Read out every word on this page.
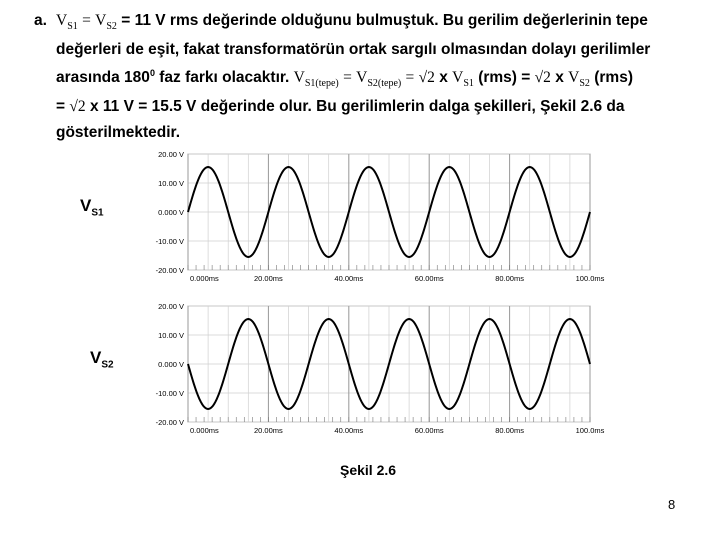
a. $V_{S1} = V_{S2} = 11$ V rms değerinde olduğunu bulmuştuk. Bu gerilim değerlerinin tepe
değerleri de eşit, fakat transformatörün ortak sargılı olmasından dolayı gerilimler
arasında $180^0$ faz farkı olacaktır. $V_{S1(tepe)} = V_{S2(tepe)} = √2$ x $V_{S1}$ (rms) = √2 x $V_{S2}$ (rms)
= √2 x 11 V = 15.5 V değerinde olur. Bu gerilimlerin dalga şekilleri, Şekil 2.6 da
gösterilmektedir.
$V_{S1}$
$V_{S2}$
20.00 V
10.00 V
0.000 V
-10.00 V
-20.00 V
0.000ms	20.00ms	40.00ms	60.00ms	80.00ms	100.0ms
20.00 V
10.00 V
0.000 V
-10.00 V
-20.00 V
0.000ms	20.00ms	40.00ms	60.00ms	80.00ms	100.0ms
Şekil 2.6
8
